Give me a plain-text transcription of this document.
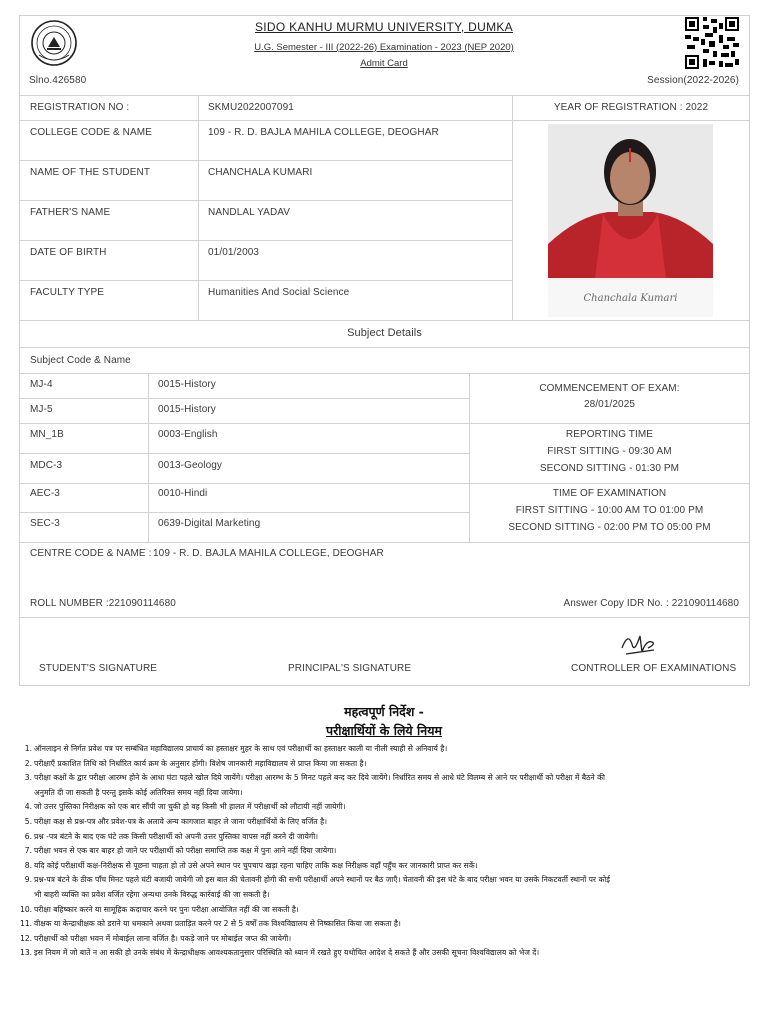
SIDO KANHU MURMU UNIVERSITY, DUMKA
U.G. Semester - III (2022-26) Examination - 2023 (NEP 2020)
Admit Card
Slno.426580	Session(2022-2026)
REGISTRATION NO :	SKMU2022007091	YEAR OF REGISTRATION : 2022
COLLEGE CODE & NAME	109 - R. D. BAJLA MAHILA COLLEGE, DEOGHAR
NAME OF THE STUDENT	CHANCHALA KUMARI
FATHER'S NAME	NANDLAL YADAV
DATE OF BIRTH	01/01/2003
FACULTY TYPE	Humanities And Social Science
Chanchala Kumari
Subject Details
Subject Code & Name
MJ-4	0015-History
MJ-5	0015-History
MN_1B	0003-English
MDC-3	0013-Geology
AEC-3	0010-Hindi
SEC-3	0639-Digital Marketing
COMMENCEMENT OF EXAM:
28/01/2025
REPORTING TIME
FIRST SITTING - 09:30 AM
SECOND SITTING - 01:30 PM
TIME OF EXAMINATION
FIRST SITTING - 10:00 AM TO 01:00 PM
SECOND SITTING - 02:00 PM TO 05:00 PM
CENTRE CODE & NAME : 109 - R. D. BAJLA MAHILA COLLEGE, DEOGHAR
ROLL NUMBER :221090114680	Answer Copy IDR No. : 221090114680
STUDENT'S SIGNATURE	PRINCIPAL'S SIGNATURE	CONTROLLER OF EXAMINATIONS
महत्वपूर्ण निर्देश -
परीक्षार्थियों के लिये नियम
1. ऑनलाइन से निर्गत प्रवेश पत्र पर सम्बंधित महाविद्यालय प्राचार्य का हस्ताक्षर मुहर के साथ एवं परीक्षार्थी का हस्ताक्षर काली या नीली स्याही से अनिवार्य है।
2. परीक्षाएँ प्रकाशित तिथि को निर्धारित कार्य क्रम के अनुसार होंगी। विशेष जानकारी महाविद्यालय से प्राप्त किया जा सकता है।
3. परीक्षा कक्षों के द्वार परीक्षा आरम्भ होने के आधा घंटा पहले खोल दिये जायेंगे। परीक्षा आरम्भ के 5 मिनट पहले बन्द कर दिये जायेंगे। निर्धारित समय से आधे घंटे विलम्ब से आने पर परीक्षार्थी को परीक्षा में बैठने की
अनुमति दी जा सकती है परन्तु इसके कोई अतिरिक्त समय नहीं दिया जायेगा।
4. जो उत्तर पुस्तिका निरीक्षक को एक बार सौंपी जा चुकी हो वह किसी भी हालत में परीक्षार्थी को लौटायी नहीं जायेगी।
5. परीक्षा कक्ष से प्रश्न-पत्र और प्रवेश-पत्र के अलावे अन्य कागजात बाहर ले जाना परीक्षार्थियों के लिए वर्जित है।
6. प्रश्न -पत्र बंटने के बाद एक घंटे तक किसी परीक्षार्थी को अपनी उत्तर पुस्तिका वापस नहीं करने दी जायेगी।
7. परीक्षा भवन से एक बार बाहर हो जाने पर परीक्षार्थी को परीक्षा समाप्ति तक कक्ष में पुनः आने नहीं दिया जायेगा।
8. यदि कोई परीक्षार्थी कक्ष-निरीक्षक से पूछना चाहता हो तो उसे अपने स्थान पर चुपचाप खड़ा रहना चाहिए ताकि कक्ष निरीक्षक वहाँ पहुँच कर जानकारी प्राप्त कर सकें।
9. प्रश्न-पत्र बंटने के ठीक पाँच मिनट पहले घंटी बजायी जायेगी जो इस बात की चेतावनी होगी की सभी परीक्षार्थी अपने स्थानों पर बैठ जाएँ। चेतावनी की इस घंटे के बाद परीक्षा भवन या उसके निकटवर्ती स्थानों पर कोई
भी बाहरी व्यक्ति का प्रवेश वर्जित रहेगा अन्यथा उनके विरुद्ध कार्रवाई की जा सकती है।
10. परीक्षा बहिष्कार करने या सामूहिक कदाचार करने पर पुनः परीक्षा आयोजित नहीं की जा सकती है।
11. वीक्षक या केन्द्राधीक्षक को डराने या धमकाने अथवा प्रताड़ित करने पर 2 से 5 वर्षों तक विश्वविद्यालय से निष्कासित किया जा सकता है।
12. परीक्षार्थी को परीक्षा भवन में मोबाईल लाना वर्जित है। पकड़े जाने पर मोबाईल जप्त की जायेगी।
13. इस नियम में जो बातें न आ सकी हो उनके संबंध में केन्द्राधीक्षक आवश्यकतानुसार परिस्थिति को ध्यान में रखते हुए यथोचित आदेश दे सकते हैं और उसकी सूचना विश्वविद्यालय को भेज दें।
